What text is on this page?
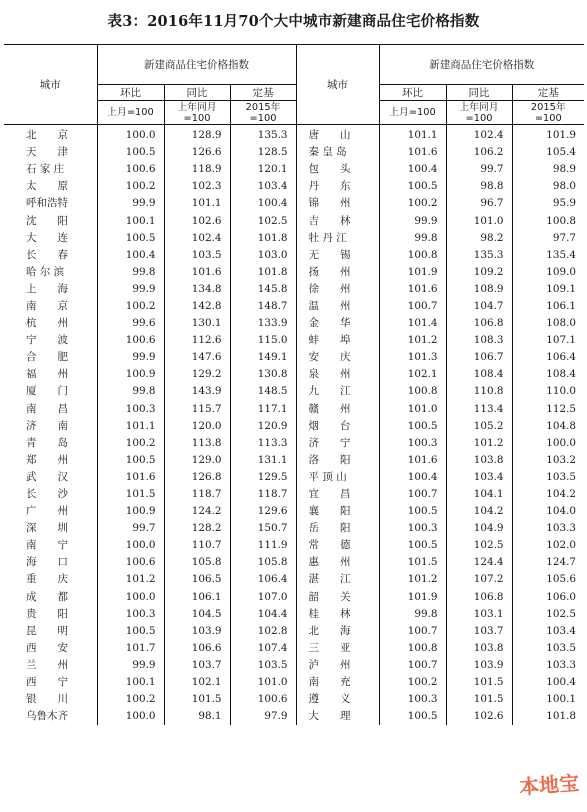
表3：2016年11月70个大中城市新建商品住宅价格指数
城市	新建商品住宅价格指数			城市	新建商品住宅价格指数		
	环比	同比	定基		环比	同比	定基
	上月=100	上年同月=100	2015年=100		上月=100	上年同月=100	2015年=100
北　　京	100.0	128.9	135.3	唐　　山	101.1	102.4	101.9
天　　津	100.5	126.6	128.5	秦 皇 岛	101.6	106.2	105.4
石 家 庄	100.6	118.9	120.1	包　　头	100.4	99.7	98.9
太　　原	100.2	102.3	103.4	丹　　东	100.5	98.8	98.0
呼和浩特	99.9	101.1	100.4	锦　　州	100.2	96.7	95.9
沈　　阳	100.1	102.6	102.5	吉　　林	99.9	101.0	100.8
大　　连	100.5	102.4	101.8	牡 丹 江	99.8	98.2	97.7
长　　春	100.4	103.5	103.0	无　　锡	100.8	135.3	135.4
哈 尔 滨	99.8	101.6	101.8	扬　　州	101.9	109.2	109.0
上　　海	99.9	134.8	145.8	徐　　州	101.6	108.9	109.1
南　　京	100.2	142.8	148.7	温　　州	100.7	104.7	106.1
杭　　州	99.6	130.1	133.9	金　　华	101.4	106.8	108.0
宁　　波	100.6	112.6	115.0	蚌　　埠	101.2	108.3	107.1
合　　肥	99.9	147.6	149.1	安　　庆	101.3	106.7	106.4
福　　州	100.9	129.2	130.8	泉　　州	102.1	108.4	108.4
厦　　门	99.8	143.9	148.5	九　　江	100.8	110.8	110.0
南　　昌	100.3	115.7	117.1	赣　　州	101.0	113.4	112.5
济　　南	101.1	120.0	120.9	烟　　台	100.5	105.2	104.8
青　　岛	100.2	113.8	113.3	济　　宁	100.3	101.2	100.0
郑　　州	100.5	129.0	131.1	洛　　阳	101.6	103.8	103.2
武　　汉	101.6	126.8	129.5	平 顶 山	100.4	103.4	103.5
长　　沙	101.5	118.7	118.7	宜　　昌	100.7	104.1	104.2
广　　州	100.9	124.2	129.6	襄　　阳	100.5	104.2	104.0
深　　圳	99.7	128.2	150.7	岳　　阳	100.3	104.9	103.3
南　　宁	100.0	110.7	111.9	常　　德	100.5	102.5	102.0
海　　口	100.6	105.8	105.8	惠　　州	101.5	124.4	124.7
重　　庆	101.2	106.5	106.4	湛　　江	101.2	107.2	105.6
成　　都	100.0	106.1	107.0	韶　　关	101.9	106.8	106.0
贵　　阳	100.3	104.5	104.4	桂　　林	99.8	103.1	102.5
昆　　明	100.5	103.9	102.8	北　　海	100.7	103.7	103.4
西　　安	101.7	106.6	107.4	三　　亚	100.8	103.8	103.5
兰　　州	99.9	103.7	103.5	泸　　州	100.7	103.9	103.3
西　　宁	100.1	102.1	101.0	南　　充	100.2	101.5	100.4
银　　川	100.2	101.5	100.6	遵　　义	100.3	101.5	100.1
乌鲁木齐	100.0	98.1	97.9	大　　理	100.5	102.6	101.8
本地宝
